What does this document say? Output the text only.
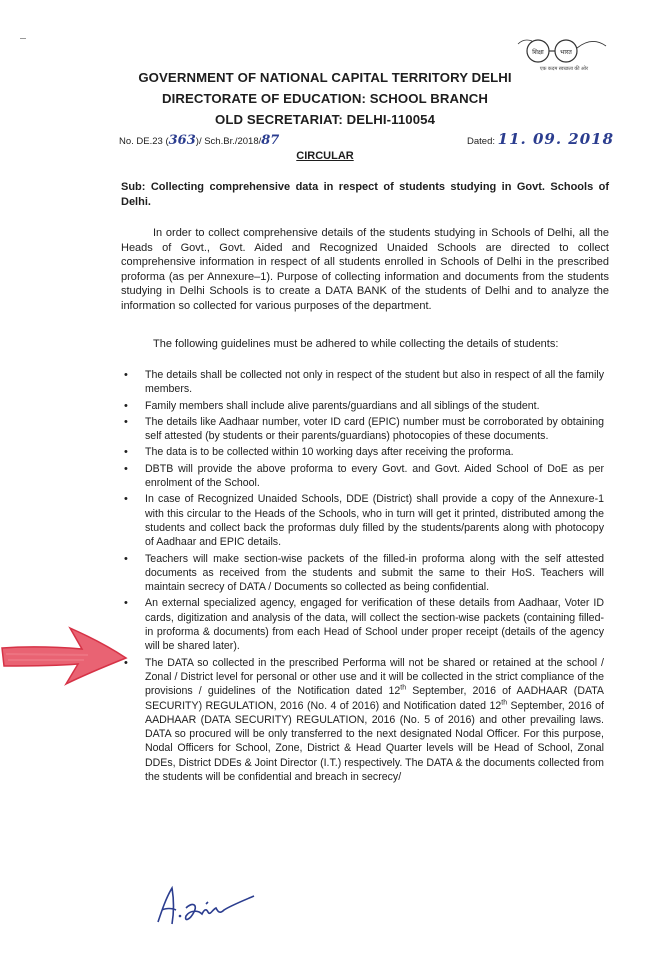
शिक्षा	भारत
एक कदम स्वच्छता की ओर
GOVERNMENT OF NATIONAL CAPITAL TERRITORY DELHI
DIRECTORATE OF EDUCATION: SCHOOL BRANCH
OLD SECRETARIAT: DELHI-110054
No. DE.23 (363)/ Sch.Br./2018/87	Dated: 11. 09. 2018
CIRCULAR
Sub: Collecting comprehensive data in respect of students studying in Govt. Schools of Delhi.
In order to collect comprehensive details of the students studying in Schools of Delhi, all the Heads of Govt., Govt. Aided and Recognized Unaided Schools are directed to collect comprehensive information in respect of all students enrolled in Schools of Delhi in the prescribed proforma (as per Annexure–1). Purpose of collecting information and documents from the students studying in Delhi Schools is to create a DATA BANK of the students of Delhi and to analyze the information so collected for various purposes of the department.
The following guidelines must be adhered to while collecting the details of students:
• The details shall be collected not only in respect of the student but also in respect of all the family members.
• Family members shall include alive parents/guardians and all siblings of the student.
• The details like Aadhaar number, voter ID card (EPIC) number must be corroborated by obtaining self attested (by students or their parents/guardians) photocopies of these documents.
• The data is to be collected within 10 working days after receiving the proforma.
• DBTB will provide the above proforma to every Govt. and Govt. Aided School of DoE as per enrolment of the School.
• In case of Recognized Unaided Schools, DDE (District) shall provide a copy of the Annexure-1 with this circular to the Heads of the Schools, who in turn will get it printed, distributed among the students and collect back the proformas duly filled by the students/parents along with photocopy of Aadhaar and EPIC details.
• Teachers will make section-wise packets of the filled-in proforma along with the self attested documents as received from the students and submit the same to their HoS. Teachers will maintain secrecy of DATA / Documents so collected as being confidential.
• An external specialized agency, engaged for verification of these details from Aadhaar, Voter ID cards, digitization and analysis of the data, will collect the section-wise packets (containing filled-in proforma & documents) from each Head of School under proper receipt (details of the agency will be shared later).
• The DATA so collected in the prescribed Performa will not be shared or retained at the school / Zonal / District level for personal or other use and it will be collected in the strict compliance of the provisions / guidelines of the Notification dated 12th September, 2016 of AADHAAR (DATA SECURITY) REGULATION, 2016 (No. 4 of 2016) and Notification dated 12th September, 2016 of AADHAAR (DATA SECURITY) REGULATION, 2016 (No. 5 of 2016) and other prevailing laws. DATA so procured will be only transferred to the next designated Nodal Officer. For this purpose, Nodal Officers for School, Zone, District & Head Quarter levels will be Head of School, Zonal DDEs, District DDEs & Joint Director (I.T.) respectively. The DATA & the documents collected from the students will be confidential and breach in secrecy/
